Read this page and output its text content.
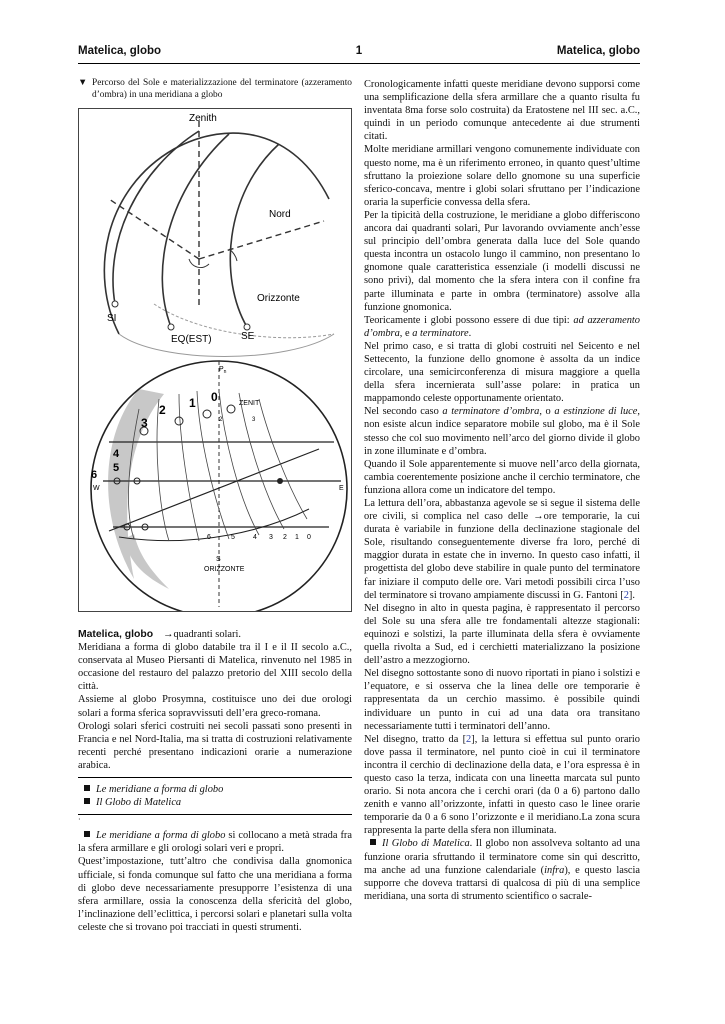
Matelica, globo	1	Matelica, globo
▼ Percorso del Sole e materializzazione del terminatore (azzeramento d’ombra) in una meridiana a globo
Zenith
Nord
Orizzonte
SI
EQ(EST)	SE
$P_n$
ZENIT
ORIZZONTE
S
W	E
3
2 1 0
4
5
6
6	5	4 3 2 1 0
3
2

Matelica, globo →quadranti solari.

Meridiana a forma di globo databile tra il I e il II secolo a.C., conservata al Museo Piersanti di Matelica, rinvenuto nel 1985 in occasione del restauro del palazzo pretorio del XIII secolo della città.

Assieme al globo Prosymna, costituisce uno dei due orologi solari a forma sferica sopravvissuti dell’era greco-romana.

Orologi solari sferici costruiti nei secoli passati sono presenti in Francia e nel Nord-Italia, ma si tratta di costruzioni relativamente recenti perché presentano indicazioni orarie a numerazione arabica.

Le meridiane a forma di globo
Il Globo di Matelica
·

Le meridiane a forma di globo si collocano a metà strada fra la sfera armillare e gli orologi solari veri e propri.

Quest’impostazione, tutt’altro che condivisa dalla gnomonica ufficiale, si fonda comunque sul fatto che una meridiana a forma di globo deve necessariamente presupporre l’esistenza di una sfera armillare, ossia la conoscenza della sfericità del globo, l’inclinazione dell’eclittica, i percorsi solari e planetari sulla volta celeste che si trovano poi tracciati in questi strumenti.

Cronologicamente infatti queste meridiane devono supporsi come una semplificazione della sfera armillare che a quanto risulta fu inventata 8ma forse solo costruita) da Eratostene nel III sec. a.C., quindi in un periodo comunque antecedente ai due strumenti citati.

Molte meridiane armillari vengono comunemente individuate con questo nome, ma è un riferimento erroneo, in quanto quest’ultime sfruttano la proiezione solare dello gnomone su una superficie sferico-concava, mentre i globi solari sfruttano per l’indicazione oraria la superficie convessa della sfera.

Per la tipicità della costruzione, le meridiane a globo differiscono ancora dai quadranti solari, Pur lavorando ovviamente anch’esse sul principio dell’ombra generata dalla luce del Sole quando questa incontra un ostacolo lungo il cammino, non presentano lo gnomone quale caratteristica essenziale (i modelli discussi ne sono privi), dal momento che la sfera intera con il confine fra parte illuminata e parte in ombra (terminatore) assolve alla funzione gnomonica.

Teoricamente i globi possono essere di due tipi: ad azzeramento d’ombra, e a terminatore.

Nel primo caso, e si tratta di globi costruiti nel Seicento e nel Settecento, la funzione dello gnomone è assolta da un indice circolare, una semicirconferenza di misura maggiore a quella della sfera incernierata sull’asse polare: in pratica un mappamondo celeste opportunamente orientato.

Nel secondo caso a terminatore d’ombra, o a estinzione di luce, non esiste alcun indice separatore mobile sul globo, ma è il Sole stesso che col suo movimento nell’arco del giorno divide il globo in zone illuminate e d’ombra.

Quando il Sole apparentemente si muove nell’arco della giornata, cambia coerentemente posizione anche il cerchio terminatore, che funziona allora come un indicatore del tempo.

La lettura dell’ora, abbastanza agevole se si segue il sistema delle ore civili, si complica nel caso delle →ore temporarie, la cui durata è variabile in funzione della declinazione stagionale del Sole, risultando conseguentemente diverse fra loro, perché di maggior durata in estate che in inverno. In questo caso infatti, il progettista del globo deve stabilire in quale punto del terminatore far iniziare il computo delle ore. Vari metodi possibili circa l’uso del terminatore si trovano ampiamente discussi in G. Fantoni [2].

Nel disegno in alto in questa pagina, è rappresentato il percorso del Sole su una sfera alle tre fondamentali altezze stagionali: equinozi e solstizi, la parte illuminata della sfera è ovviamente quella rivolta a Sud, ed i cerchietti materializzano la posizione dell’astro a mezzogiorno.

Nel disegno sottostante sono di nuovo riportati in piano i solstizi e l’equatore, e si osserva che la linea delle ore temporarie è rappresentata da un cerchio massimo. è possibile quindi individuare un punto in cui ad una data ora transitano necessariamente tutti i terminatori dell’anno.

Nel disegno, tratto da [2], la lettura si effettua sul punto orario dove passa il terminatore, nel punto cioè in cui il terminatore incontra il cerchio di declinazione della data, e l’ora espressa è in questo caso la terza, indicata con una lineetta marcata sul punto orario. Si nota ancora che i cerchi orari (da 0 a 6) partono dallo zenith e vanno all’orizzonte, infatti in questo caso le linee orarie temporarie da 0 a 6 sono l’orizzonte e il meridiano.La zona scura rappresenta la parte della sfera non illuminata.

Il Globo di Matelica. Il globo non assolveva soltanto ad una funzione oraria sfruttando il terminatore come sin qui descritto, ma anche ad una funzione calendariale (infra), e questo lascia supporre che doveva trattarsi di qualcosa di più di una semplice meridiana, una sorta di strumento scientifico o sacrale-
